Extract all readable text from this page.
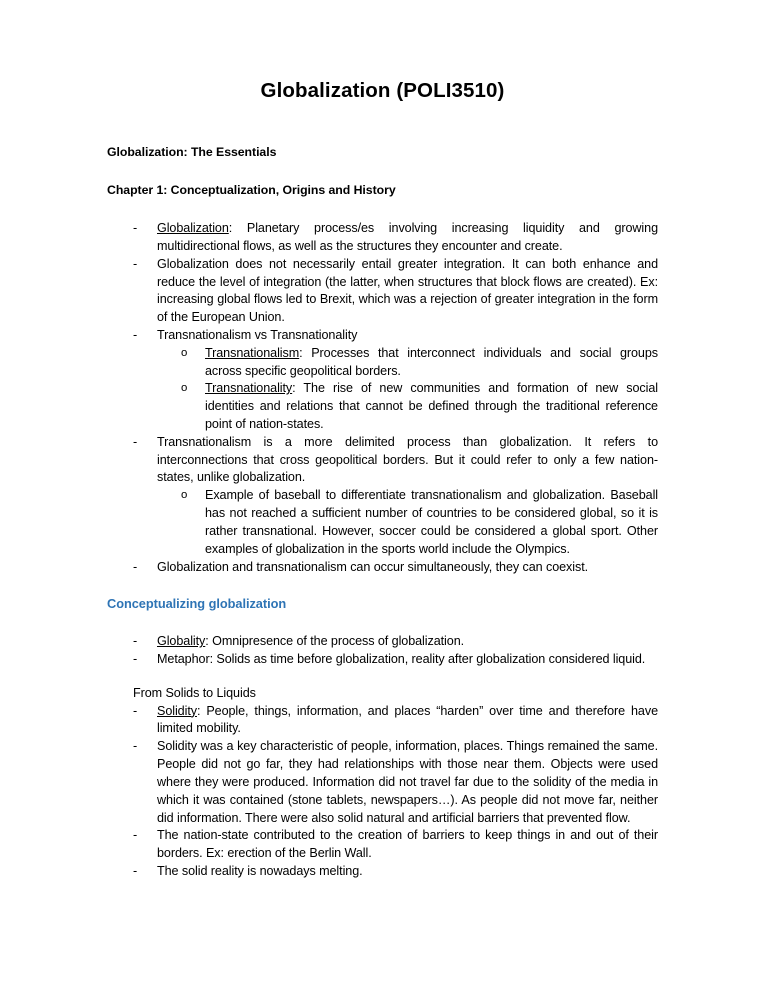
Globalization (POLI3510)

Globalization: The Essentials

Chapter 1: Conceptualization, Origins and History

-	Globalization: Planetary process/es involving increasing liquidity and growing multidirectional flows, as well as the structures they encounter and create.
-	Globalization does not necessarily entail greater integration. It can both enhance and reduce the level of integration (the latter, when structures that block flows are created). Ex: increasing global flows led to Brexit, which was a rejection of greater integration in the form of the European Union.
-	Transnationalism vs Transnationality
o	Transnationalism: Processes that interconnect individuals and social groups across specific geopolitical borders.
o	Transnationality: The rise of new communities and formation of new social identities and relations that cannot be defined through the traditional reference point of nation-states.
-	Transnationalism is a more delimited process than globalization. It refers to interconnections that cross geopolitical borders. But it could refer to only a few nation-states, unlike globalization.
o	Example of baseball to differentiate transnationalism and globalization. Baseball has not reached a sufficient number of countries to be considered global, so it is rather transnational. However, soccer could be considered a global sport. Other examples of globalization in the sports world include the Olympics.
-	Globalization and transnationalism can occur simultaneously, they can coexist.

Conceptualizing globalization

-	Globality: Omnipresence of the process of globalization.
-	Metaphor: Solids as time before globalization, reality after globalization considered liquid.

From Solids to Liquids

-	Solidity: People, things, information, and places “harden” over time and therefore have limited mobility.
-	Solidity was a key characteristic of people, information, places. Things remained the same. People did not go far, they had relationships with those near them. Objects were used where they were produced. Information did not travel far due to the solidity of the media in which it was contained (stone tablets, newspapers…). As people did not move far, neither did information. There were also solid natural and artificial barriers that prevented flow.
-	The nation-state contributed to the creation of barriers to keep things in and out of their borders. Ex: erection of the Berlin Wall.
-	The solid reality is nowadays melting.
